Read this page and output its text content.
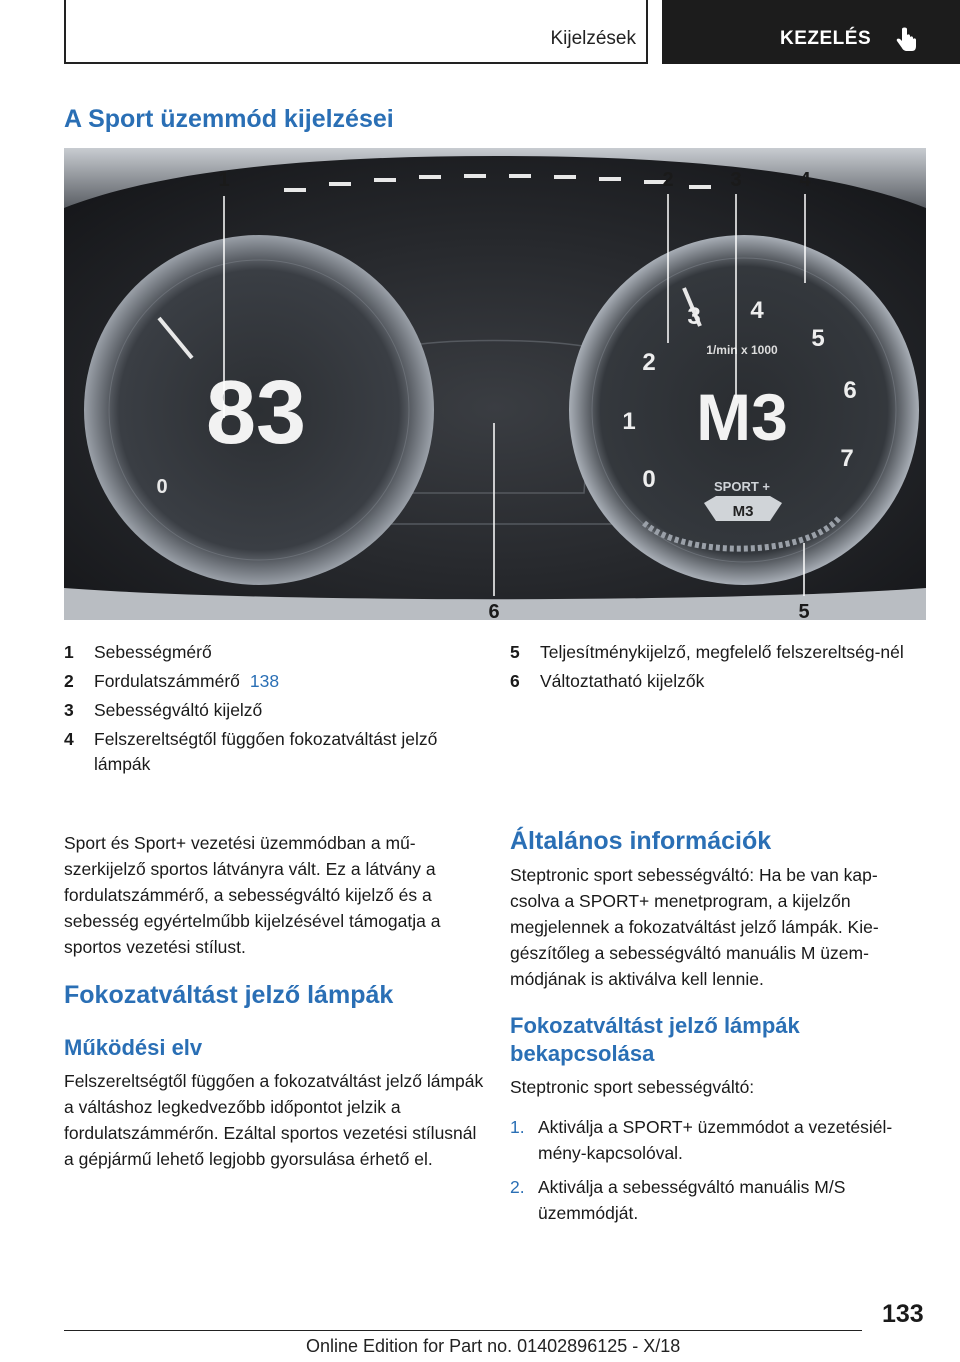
Kijelzések	KEZELÉS
A Sport üzemmód kijelzései
83
0	0
1
2
3 4
5
6
7
1/min x 1000
M3
SPORT +
M3
1	2	3	4
5
6
1 Sebességmérő
2 Fordulatszámmérő 138
3 Sebességváltó kijelző
4 Felszereltségtől függően fokozatváltást jelző lámpák
5 Teljesítménykijelző, megfelelő felszereltség-nél
6 Változtatható kijelzők

Sport és Sport+ vezetési üzemmódban a mű-szerkijelző sportos látványra vált. Ez a látvány a fordulatszámmérő, a sebességváltó kijelző és a sebesség egyértelműbb kijelzésével támogatja a sportos vezetési stílust.

Fokozatváltást jelző lámpák
Működési elv

Felszereltségtől függően a fokozatváltást jelző lámpák a váltáshoz legkedvezőbb időpontot jelzik a fordulatszámmérőn. Ezáltal sportos vezetési stílusnál a gépjármű lehető legjobb gyorsulása érhető el.

Általános információk

Steptronic sport sebességváltó: Ha be van kap-csolva a SPORT+ menetprogram, a kijelzőn megjelennek a fokozatváltást jelző lámpák. Kie-gészítőleg a sebességváltó manuális M üzem-módjának is aktiválva kell lennie.

Fokozatváltást jelző lámpák bekapcsolása

Steptronic sport sebességváltó:

1. Aktiválja a SPORT+ üzemmódot a vezetésiél-mény-kapcsolóval.
2. Aktiválja a sebességváltó manuális M/S üzemmódját.
133
Online Edition for Part no. 01402896125 - X/18
